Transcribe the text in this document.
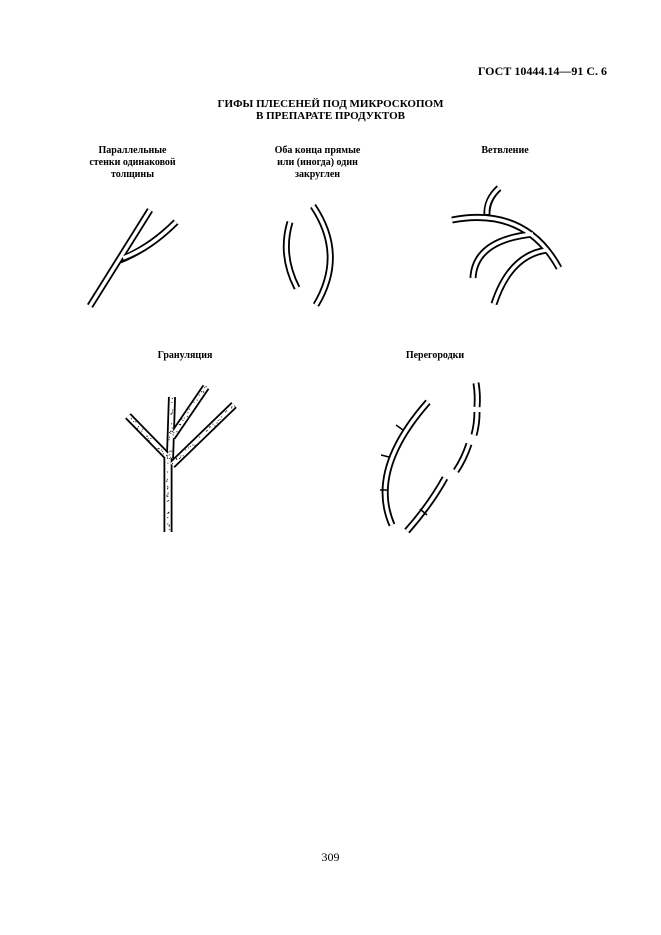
ГОСТ 10444.14—91 С. 6
ГИФЫ ПЛЕСЕНЕЙ ПОД МИКРОСКОПОМ
В ПРЕПАРАТЕ ПРОДУКТОВ
Параллельные
стенки одинаковой
толщины
Оба конца прямые
или (иногда) один
закруглен
Ветвление
Грануляция	Перегородки
309
